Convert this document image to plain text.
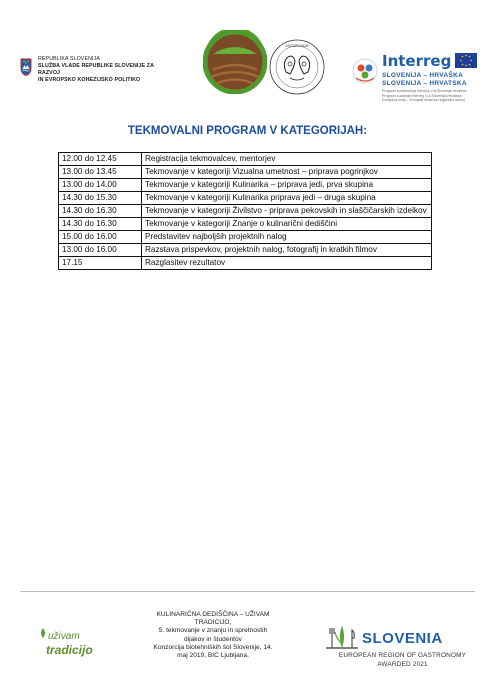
REPUBLIKA SLOVENIJA
SLUŽBA VLADE REPUBLIKE SLOVENIJE ZA RAZVOJ
IN EVROPSKO KOHEZIJSKO POLITIKO
ZAGORYNUM
Interreg
SLOVENIJA – HRVAŠKA
SLOVENIJA – HRVATSKA
Program sodelovanja Interreg V-A Slovenija-Hrvaška · Program suradnje Interreg V-A Slovenija-Hrvatska · Evropska unija – Evropski sklad za regionalni razvoj
TEKMOVALNI PROGRAM V KATEGORIJAH:
12.00 do 12.45	Registracija tekmovalcev, mentorjev
13.00 do 13.45	Tekmovanje v kategoriji Vizualna umetnost – priprava pogrinjkov
13.00 do 14.00	Tekmovanje v kategoriji Kulinarika – priprava jedi, prva skupina
14.30 do 15.30	Tekmovanje v kategoriji Kulinarika priprava jedi – druga skupina
14.30 do 16.30	Tekmovanje v kategoriji Živilstvo - priprava pekovskih in slaščičarskih izdelkov
14.30 do 16.30	Tekmovanje v kategoriji Znanje o kulinarični dediščini
15.00 do 16.00	Predstavitev najboljših projektnih nalog
13.00 do 16.00	Razstava prispevkov, projektnih nalog, fotografij in kratkih filmov
17.15	Razglasitev rezultatov
uživam
tradicijo
KULINARIČNA DEDIŠČINA – UŽIVAM
TRADICIJO,
5. tekmovanje v znanju in spretnostih
dijakov in študentov
Konzorcija biotehniških šol Slovenije, 14.
maj 2019, BIC Ljubljana.
SLOVENIA
EUROPEAN REGION OF GASTRONOMY
AWARDED 2021
